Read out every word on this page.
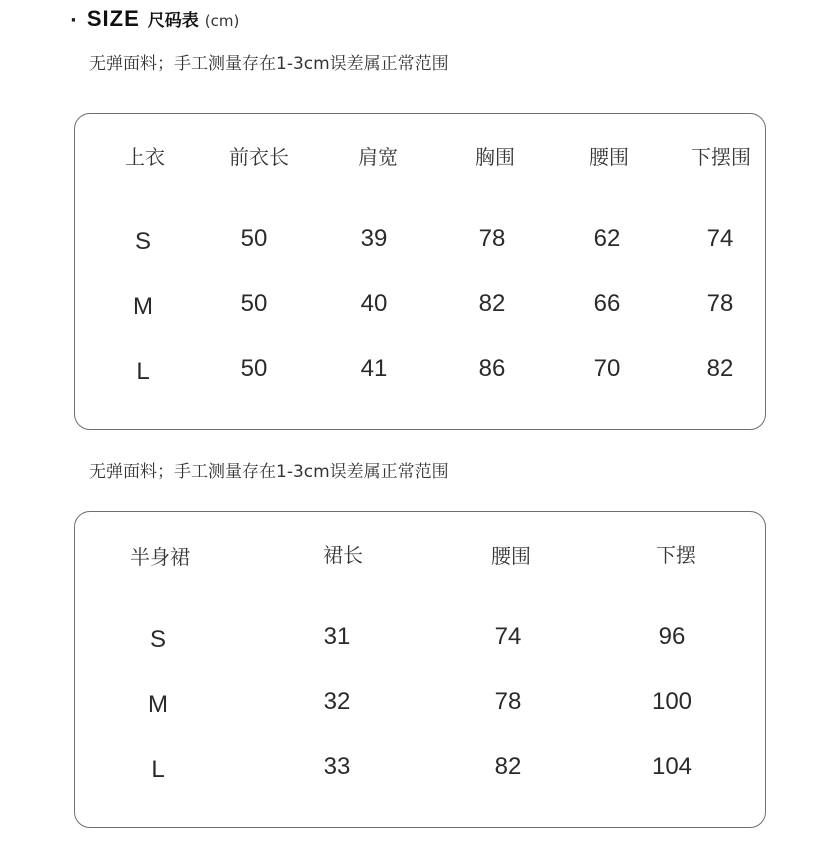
· SIZE 尺码表 (cm)
无弹面料；手工测量存在1-3cm误差属正常范围
上衣	前衣长	肩宽	胸围	腰围	下摆围
S	50	39	78	62	74
M	50	40	82	66	78
L	50	41	86	70	82
无弹面料；手工测量存在1-3cm误差属正常范围
半身裙	裙长	腰围	下摆
S	31	74	96
M	32	78	100
L	33	82	104
